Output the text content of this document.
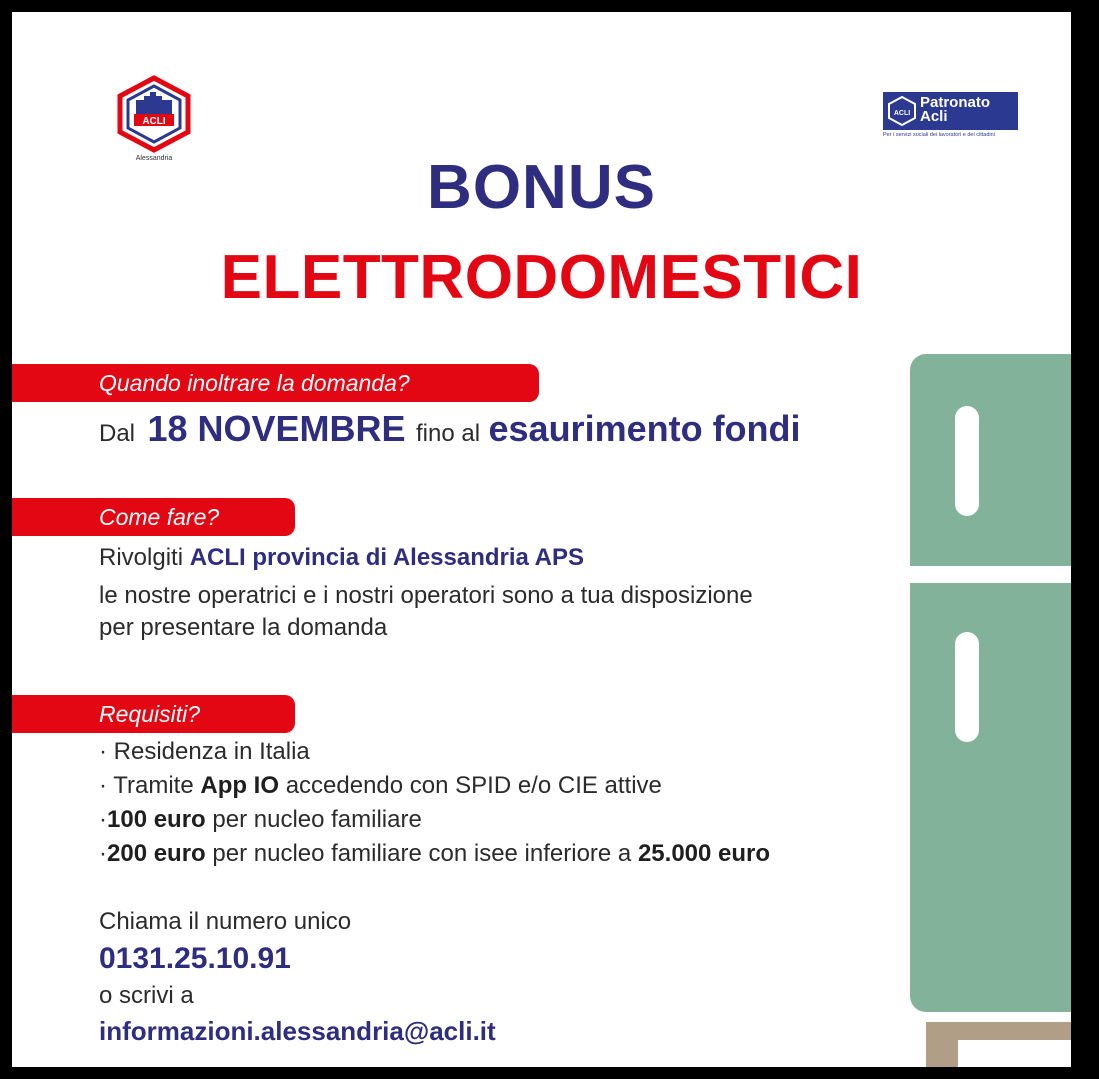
ACLI
Alessandria
ACLI
Patronato
Acli
Per i servizi sociali dei lavoratori e dei cittadini
BONUS
ELETTRODOMESTICI
Quando inoltrare la domanda?
Dal 18 NOVEMBRE fino al esaurimento fondi
Come fare?
Rivolgiti ACLI provincia di Alessandria APS
le nostre operatrici e i nostri operatori sono a tua disposizione
per presentare la domanda
Requisiti?
· Residenza in Italia
· Tramite App IO accedendo con SPID e/o CIE attive
·100 euro per nucleo familiare
·200 euro per nucleo familiare con isee inferiore a 25.000 euro
Chiama il numero unico
0131.25.10.91
o scrivi a
informazioni.alessandria@acli.it
